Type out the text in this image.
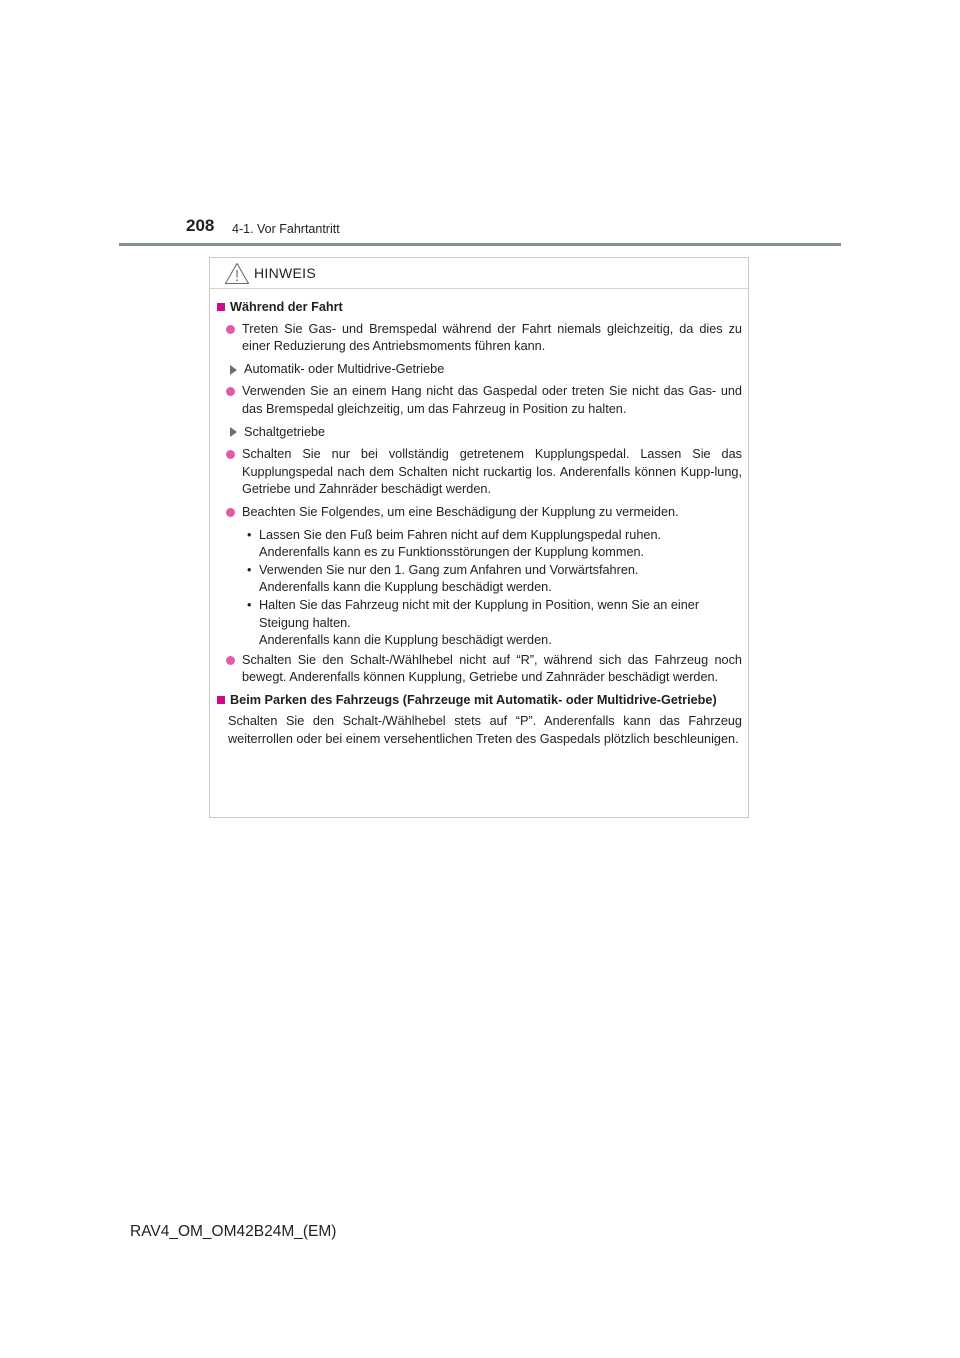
208 4-1. Vor Fahrtantritt
HINWEIS
Während der Fahrt
Treten Sie Gas- und Bremspedal während der Fahrt niemals gleichzeitig, da dies zu einer Reduzierung des Antriebsmoments führen kann.
Automatik- oder Multidrive-Getriebe
Verwenden Sie an einem Hang nicht das Gaspedal oder treten Sie nicht das Gas- und das Bremspedal gleichzeitig, um das Fahrzeug in Position zu halten.
Schaltgetriebe
Schalten Sie nur bei vollständig getretenem Kupplungspedal. Lassen Sie das Kupplungspedal nach dem Schalten nicht ruckartig los. Anderenfalls können Kupp-lung, Getriebe und Zahnräder beschädigt werden.
Beachten Sie Folgendes, um eine Beschädigung der Kupplung zu vermeiden.
• Lassen Sie den Fuß beim Fahren nicht auf dem Kupplungspedal ruhen.
Anderenfalls kann es zu Funktionsstörungen der Kupplung kommen.
• Verwenden Sie nur den 1. Gang zum Anfahren und Vorwärtsfahren.
Anderenfalls kann die Kupplung beschädigt werden.
• Halten Sie das Fahrzeug nicht mit der Kupplung in Position, wenn Sie an einer Steigung halten.
Anderenfalls kann die Kupplung beschädigt werden.
Schalten Sie den Schalt-/Wählhebel nicht auf “R”, während sich das Fahrzeug noch bewegt. Anderenfalls können Kupplung, Getriebe und Zahnräder beschädigt werden.
Beim Parken des Fahrzeugs (Fahrzeuge mit Automatik- oder Multidrive-Getriebe)
Schalten Sie den Schalt-/Wählhebel stets auf “P”. Anderenfalls kann das Fahrzeug weiterrollen oder bei einem versehentlichen Treten des Gaspedals plötzlich beschleunigen.
RAV4_OM_OM42B24M_(EM)
